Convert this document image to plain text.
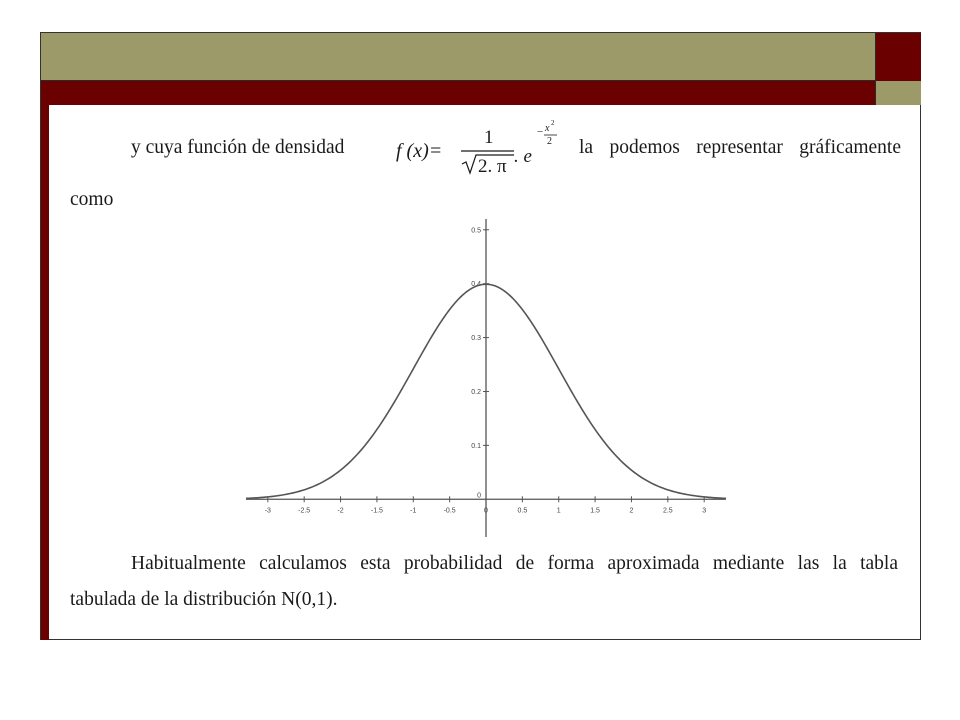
y cuya función de densidad	f (x)=
1
2. π . e
− x 2
2 la podemos representar gráficamente

como

-3	-2.5	-2	-1.5	-1	-0.5	0	0.5	1	1.5	2	2.5	3
0
0.1
0.2
0.3
0.4
0.5

Habitualmente calculamos esta probabilidad de forma aproximada mediante las la tabla

tabulada de la distribución N(0,1).
